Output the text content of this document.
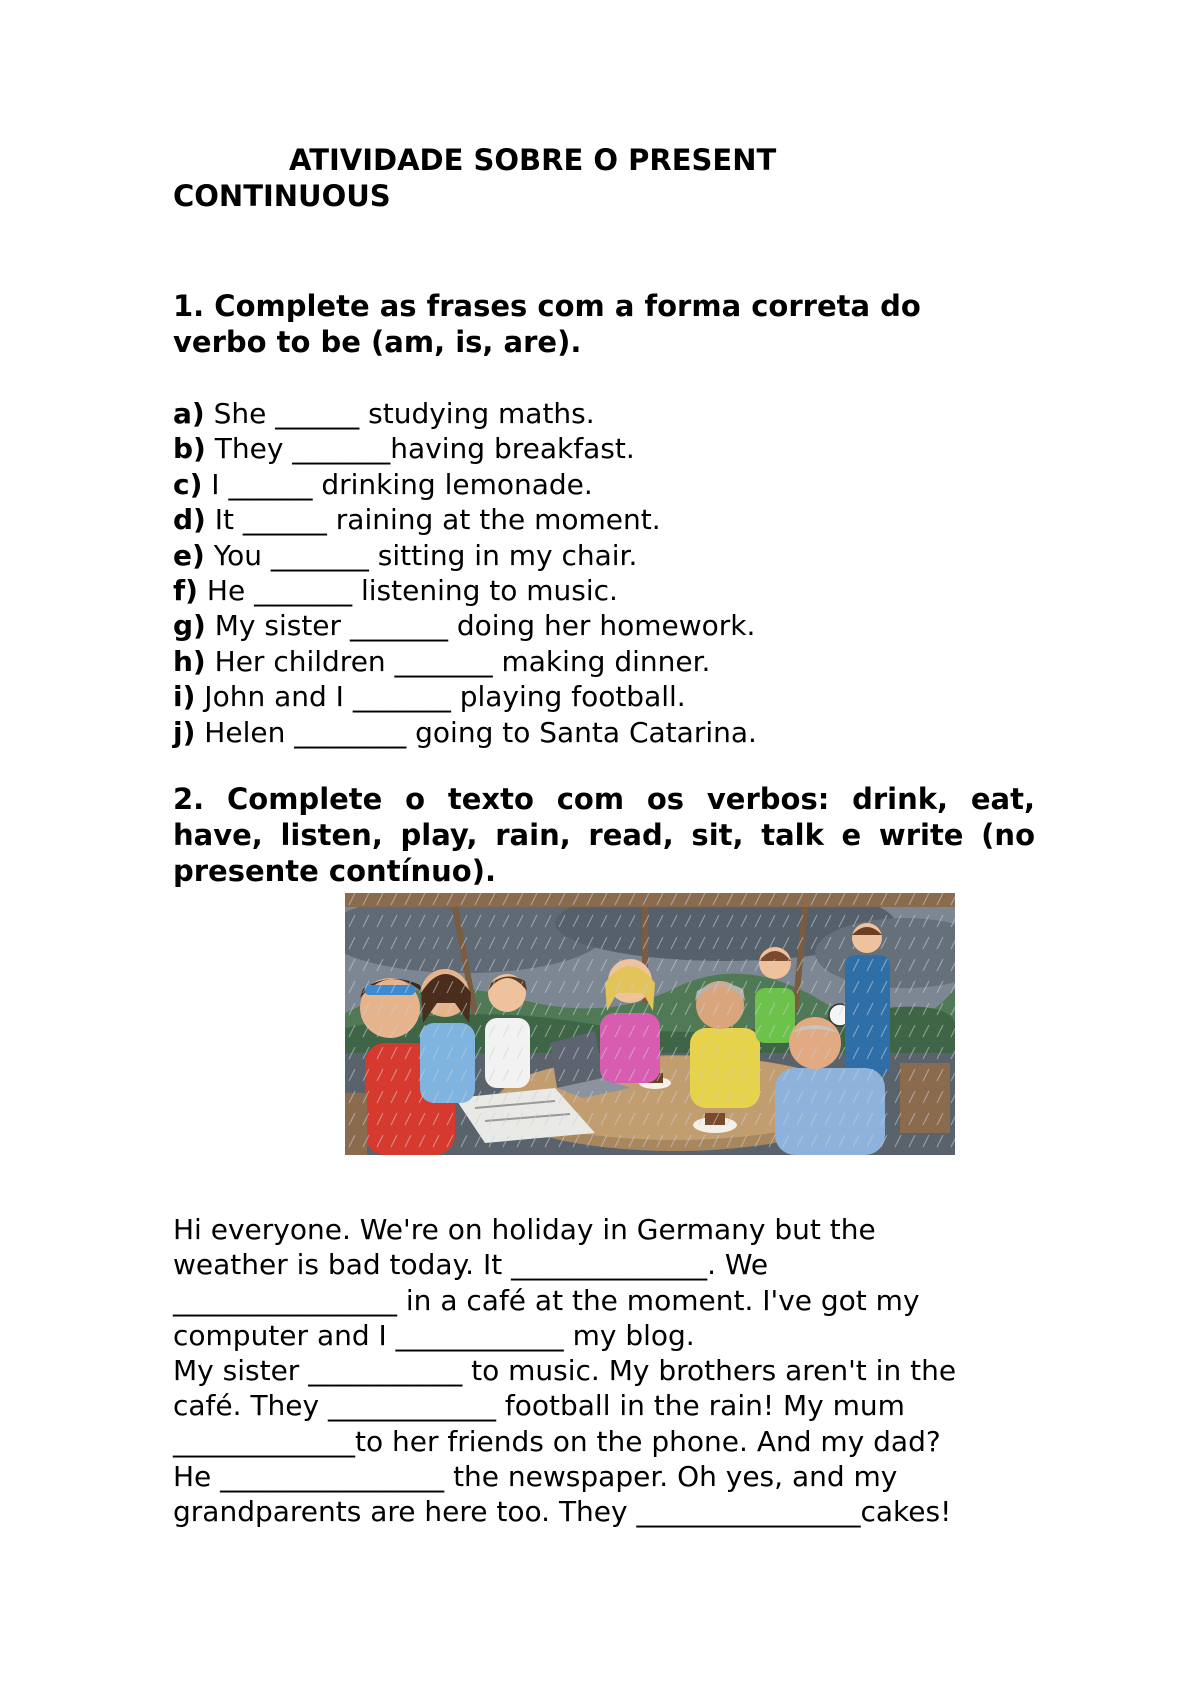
ATIVIDADE SOBRE O PRESENT
CONTINUOUS
1. Complete as frases com a forma correta do
verbo to be (am, is, are).
a) She ______ studying maths.
b) They _______having breakfast.
c) I ______ drinking lemonade.
d) It ______ raining at the moment.
e) You _______ sitting in my chair.
f) He _______ listening to music.
g) My sister _______ doing her homework.
h) Her children _______ making dinner.
i) John and I _______ playing football.
j) Helen ________ going to Santa Catarina.
2. Complete o texto com os verbos: drink, eat,
have, listen, play, rain, read, sit, talk e write (no
presente contínuo).
Hi everyone. We're on holiday in Germany but the
weather is bad today. It ______________. We
________________ in a café at the moment. I've got my
computer and I ____________ my blog.
My sister ___________ to music. My brothers aren't in the
café. They ____________ football in the rain! My mum
_____________to her friends on the phone. And my dad?
He ________________ the newspaper. Oh yes, and my
grandparents are here too. They ________________cakes!
